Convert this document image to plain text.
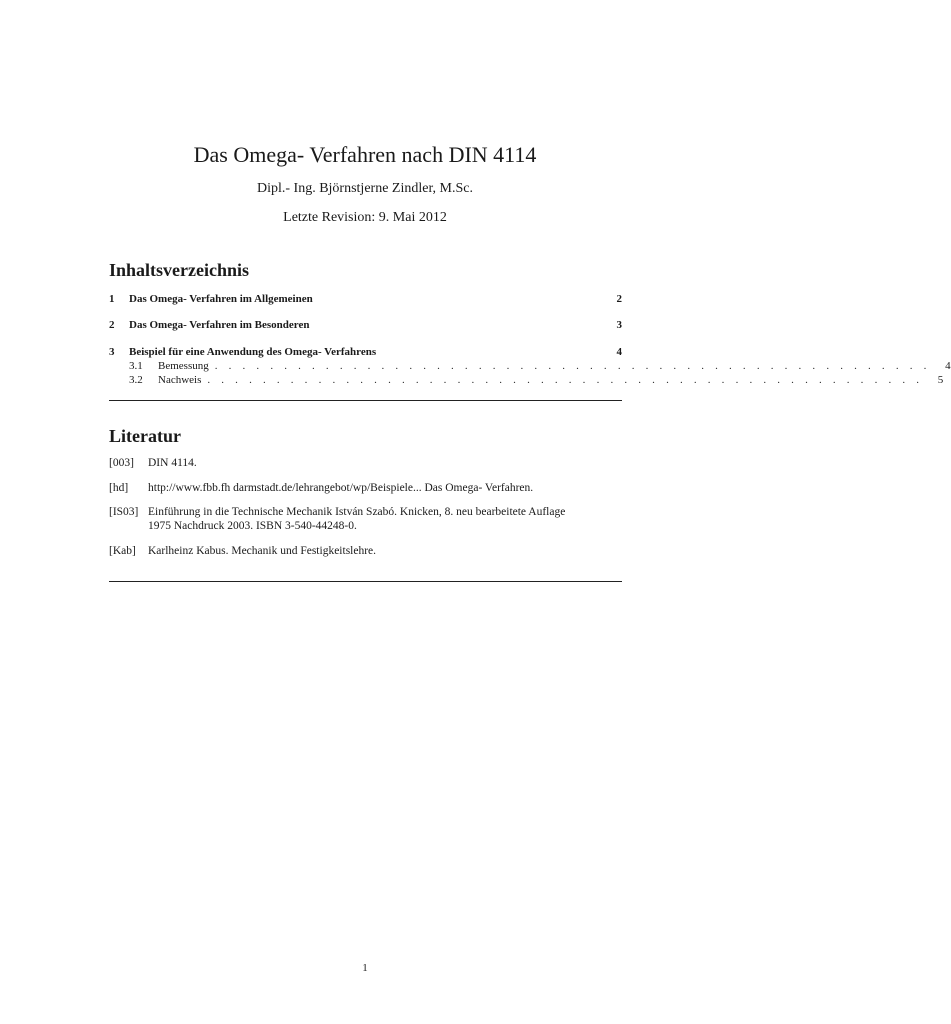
Das Omega- Verfahren nach DIN 4114
Dipl.- Ing. Björnstjerne Zindler, M.Sc.
Letzte Revision: 9. Mai 2012
Inhaltsverzeichnis
1 Das Omega- Verfahren im Allgemeinen	2
2 Das Omega- Verfahren im Besonderen	3
3 Beispiel für eine Anwendung des Omega- Verfahrens	4
3.1	Bemessung . . . . . . . . . . . . . . . . . . . . . . . . . . . . . . . . . . . . . . . . . . . . . . . . . . . .	4
3.2	Nachweis . . . . . . . . . . . . . . . . . . . . . . . . . . . . . . . . . . . . . . . . . . . . . . . . . . . .	5
Literatur
[003] DIN 4114.
[hd] http://www.fbb.fh darmstadt.de/lehrangebot/wp/Beispiele... Das Omega- Verfahren.
[IS03] Einführung in die Technische Mechanik István Szabó. Knicken, 8. neu bearbeitete Auflage
1975 Nachdruck 2003. ISBN 3-540-44248-0.
[Kab] Karlheinz Kabus. Mechanik und Festigkeitslehre.
1
